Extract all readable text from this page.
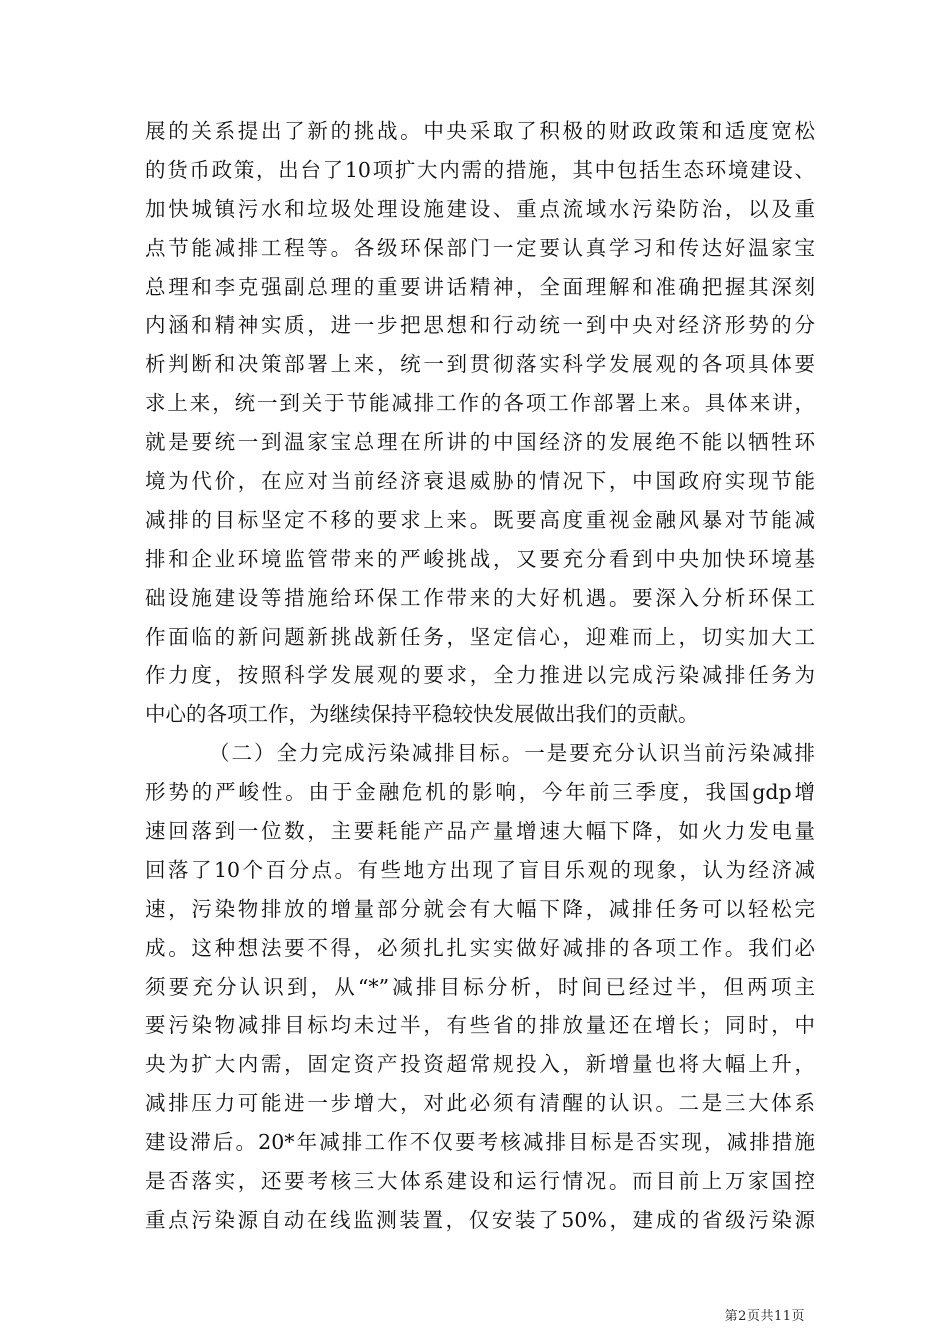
展的关系提出了新的挑战。中央采取了积极的财政政策和适度宽松
的货币政策，出台了10项扩大内需的措施，其中包括生态环境建设、
加快城镇污水和垃圾处理设施建设、重点流域水污染防治，以及重
点节能减排工程等。各级环保部门一定要认真学习和传达好温家宝
总理和李克强副总理的重要讲话精神，全面理解和准确把握其深刻
内涵和精神实质，进一步把思想和行动统一到中央对经济形势的分
析判断和决策部署上来，统一到贯彻落实科学发展观的各项具体要
求上来，统一到关于节能减排工作的各项工作部署上来。具体来讲，
就是要统一到温家宝总理在所讲的中国经济的发展绝不能以牺牲环
境为代价，在应对当前经济衰退威胁的情况下，中国政府实现节能
减排的目标坚定不移的要求上来。既要高度重视金融风暴对节能减
排和企业环境监管带来的严峻挑战，又要充分看到中央加快环境基
础设施建设等措施给环保工作带来的大好机遇。要深入分析环保工
作面临的新问题新挑战新任务，坚定信心，迎难而上，切实加大工
作力度，按照科学发展观的要求，全力推进以完成污染减排任务为
中心的各项工作，为继续保持平稳较快发展做出我们的贡献。
（二）全力完成污染减排目标。一是要充分认识当前污染减排
形势的严峻性。由于金融危机的影响，今年前三季度，我国gdp增
速回落到一位数，主要耗能产品产量增速大幅下降，如火力发电量
回落了10个百分点。有些地方出现了盲目乐观的现象，认为经济减
速，污染物排放的增量部分就会有大幅下降，减排任务可以轻松完
成。这种想法要不得，必须扎扎实实做好减排的各项工作。我们必
须要充分认识到，从“*”减排目标分析，时间已经过半，但两项主
要污染物减排目标均未过半，有些省的排放量还在增长；同时，中
央为扩大内需，固定资产投资超常规投入，新增量也将大幅上升，
减排压力可能进一步增大，对此必须有清醒的认识。二是三大体系
建设滞后。20*年减排工作不仅要考核减排目标是否实现，减排措施
是否落实，还要考核三大体系建设和运行情况。而目前上万家国控
重点污染源自动在线监测装置，仅安装了50%，建成的省级污染源
第2页共11页
